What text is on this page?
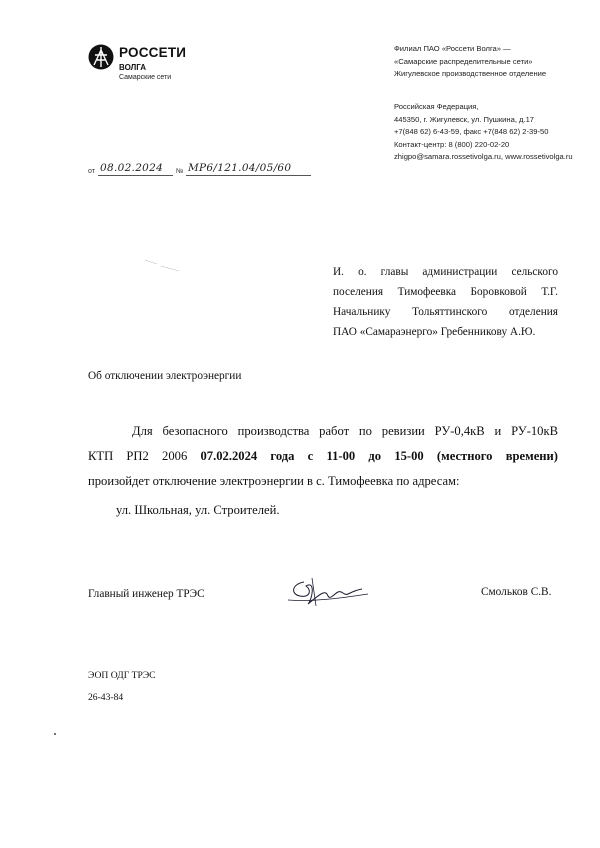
РОССЕТИ
ВОЛГА
Самарские сети
Филиал ПАО «Россети Волга» —
«Самарские распределительные сети»
Жигулевское производственное отделение
Российская Федерация,
445350, г. Жигулевск, ул. Пушкина, д.17
+7(848 62) 6-43-59, факс +7(848 62) 2-39-50
Контакт-центр: 8 (800) 220-02-20
zhigpo@samara.rossetivolga.ru, www.rossetivolga.ru
от 08.02.2024 № МР6/121.04/05/60
И. о. главы администрации сельского
поселения Тимофеевка Боровковой Т.Г.
Начальнику Тольяттинского отделения
ПАО «Самараэнерго» Гребенникову А.Ю.
Об отключении электроэнергии
Для безопасного производства работ по ревизии РУ-0,4кВ и РУ-10кВ
КТП РП2 2006 07.02.2024 года с 11-00 до 15-00 (местного времени)
произойдет отключение электроэнергии в с. Тимофеевка по адресам:
ул. Школьная, ул. Строителей.
Главный инженер ТРЭС	Смольков С.В.
ЭОП ОДГ ТРЭС
26-43-84
